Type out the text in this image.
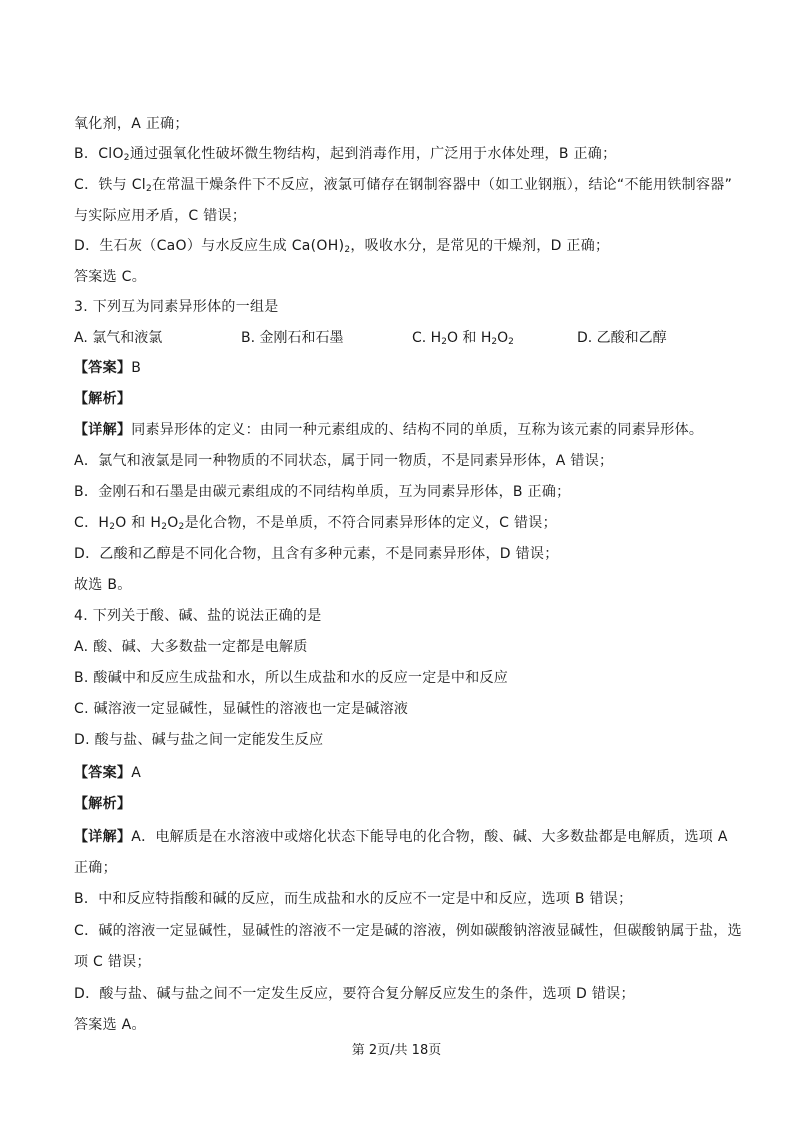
氧化剂，A 正确；
B．ClO$_2$通过强氧化性破坏微生物结构，起到消毒作用，广泛用于水体处理，B 正确；
C．铁与 $Cl_2$在常温干燥条件下不反应，液氯可储存在钢制容器中（如工业钢瓶），结论“不能用铁制容器”
与实际应用矛盾，C 错误；
D．生石灰（CaO）与水反应生成 $Ca(OH)_2$，吸收水分，是常见的干燥剂，D 正确；
答案选 C。
3. 下列互为同素异形体的一组是
A. 氯气和液氯	B. 金刚石和石墨	C. $H_2O$ 和 $H_2O_2$	D. 乙酸和乙醇
【答案】B
【解析】
【详解】同素异形体的定义：由同一种元素组成的、结构不同的单质，互称为该元素的同素异形体。
A．氯气和液氯是同一种物质的不同状态，属于同一物质，不是同素异形体，A 错误；
B．金刚石和石墨是由碳元素组成的不同结构单质，互为同素异形体，B 正确；
C．$H_2O$ 和 $H_2O_2$是化合物，不是单质，不符合同素异形体的定义，C 错误；
D．乙酸和乙醇是不同化合物，且含有多种元素，不是同素异形体，D 错误；
故选 B。
4. 下列关于酸、碱、盐的说法正确的是
A. 酸、碱、大多数盐一定都是电解质
B. 酸碱中和反应生成盐和水，所以生成盐和水的反应一定是中和反应
C. 碱溶液一定显碱性，显碱性的溶液也一定是碱溶液
D. 酸与盐、碱与盐之间一定能发生反应
【答案】A
【解析】
【详解】A．电解质是在水溶液中或熔化状态下能导电的化合物，酸、碱、大多数盐都是电解质，选项 A
正确；
B．中和反应特指酸和碱的反应，而生成盐和水的反应不一定是中和反应，选项 B 错误；
C．碱的溶液一定显碱性，显碱性的溶液不一定是碱的溶液，例如碳酸钠溶液显碱性，但碳酸钠属于盐，选
项 C 错误；
D．酸与盐、碱与盐之间不一定发生反应，要符合复分解反应发生的条件，选项 D 错误；
答案选 A。
第 2页/共 18页
